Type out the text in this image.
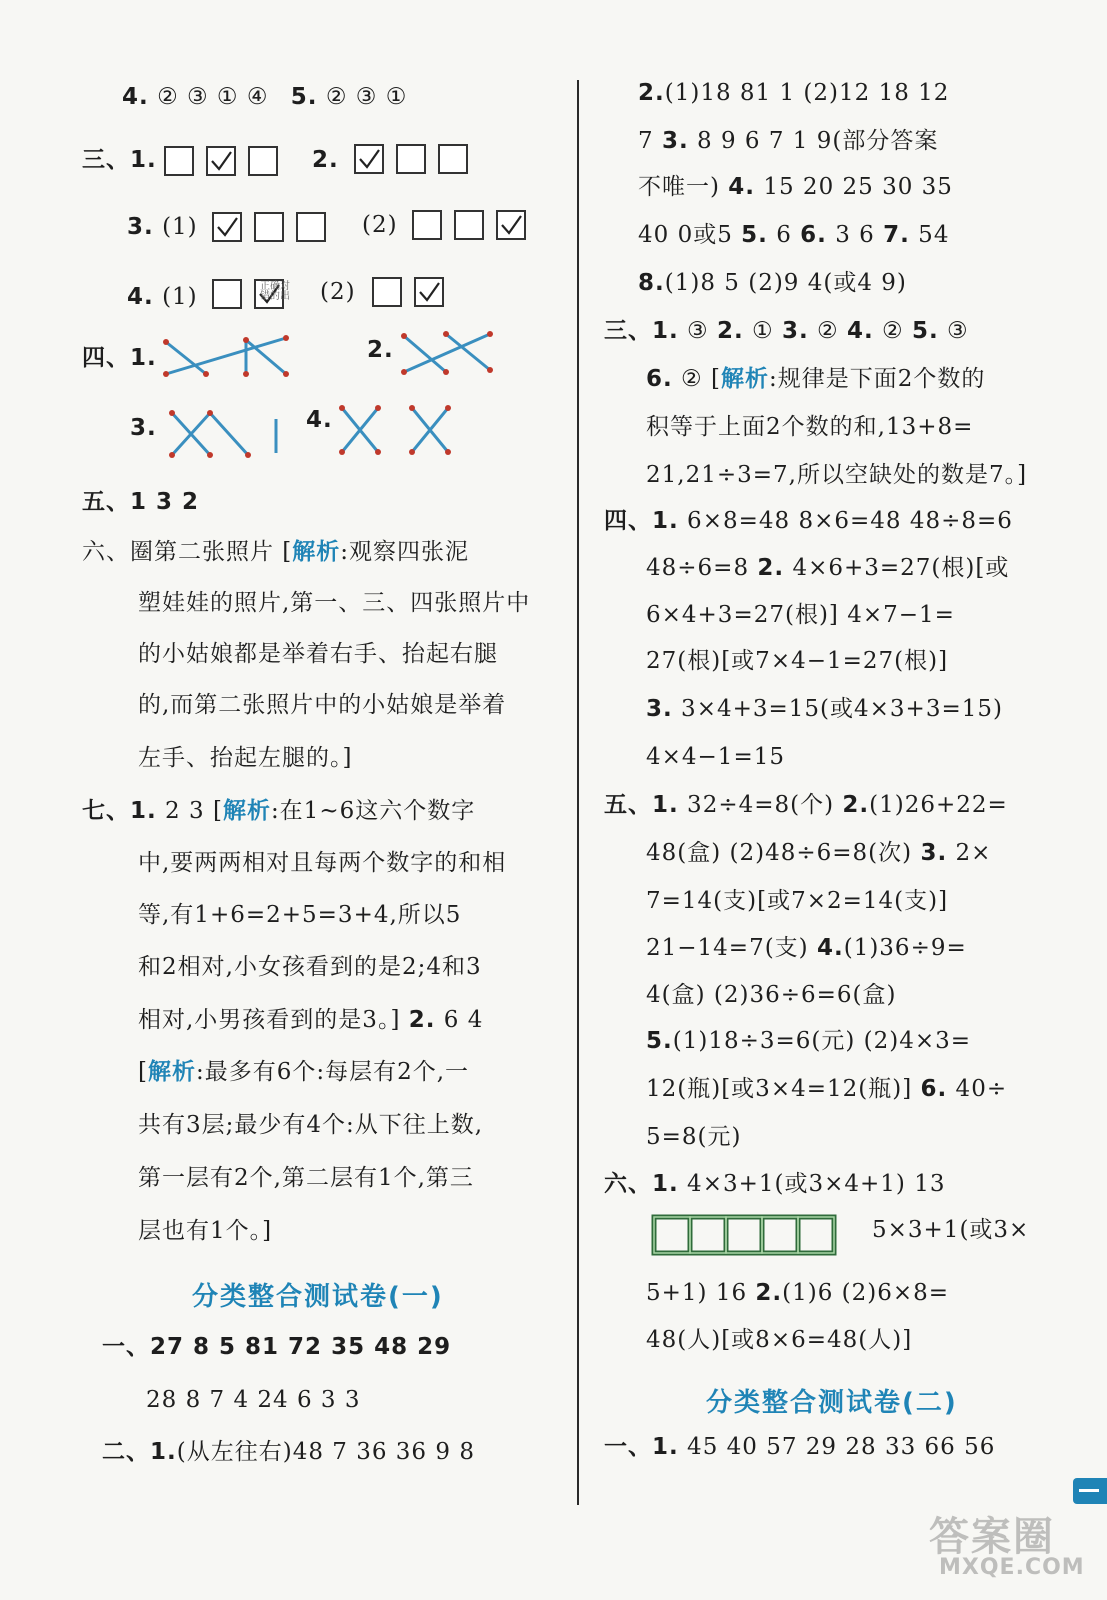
4. ② ③ ① ④ 5. ② ③ ①
三、1.	2.
3. (1)	(2)
4. (1)	正确对
错的出 (2)
四、1.	2.
3.	4.
五、1 3 2
六、圈第二张照片 [解析:观察四张泥
塑娃娃的照片,第一、三、四张照片中
的小姑娘都是举着右手、抬起右腿
的,而第二张照片中的小姑娘是举着
左手、抬起左腿的。]
七、1. 2 3 [解析:在1~6这六个数字
中,要两两相对且每两个数字的和相
等,有1+6=2+5=3+4,所以5
和2相对,小女孩看到的是2;4和3
相对,小男孩看到的是3。] 2. 6 4
[解析:最多有6个:每层有2个,一
共有3层;最少有4个:从下往上数,
第一层有2个,第二层有1个,第三
层也有1个。]
分类整合测试卷(一)
一、27 8 5 81 72 35 48 29
28 8 7 4 24 6 3 3
二、1.(从左往右)48 7 36 36 9 8
2.(1)18 81 1 (2)12 18 12
7 3. 8 9 6 7 1 9(部分答案
不唯一) 4. 15 20 25 30 35
40 0或5 5. 6 6. 3 6 7. 54
8.(1)8 5 (2)9 4(或4 9)
三、1. ③ 2. ① 3. ② 4. ② 5. ③
6. ② [解析:规律是下面2个数的
积等于上面2个数的和,13+8=
21,21÷3=7,所以空缺处的数是7。]
四、1. 6×8=48 8×6=48 48÷8=6
48÷6=8 2. 4×6+3=27(根)[或
6×4+3=27(根)] 4×7−1=
27(根)[或7×4−1=27(根)]
3. 3×4+3=15(或4×3+3=15)
4×4−1=15
五、1. 32÷4=8(个) 2.(1)26+22=
48(盒) (2)48÷6=8(次) 3. 2×
7=14(支)[或7×2=14(支)]
21−14=7(支) 4.(1)36÷9=
4(盒) (2)36÷6=6(盒)
5.(1)18÷3=6(元) (2)4×3=
12(瓶)[或3×4=12(瓶)] 6. 40÷
5=8(元)
六、1. 4×3+1(或3×4+1) 13
5×3+1(或3×
5+1) 16 2.(1)6 (2)6×8=
48(人)[或8×6=48(人)]
分类整合测试卷(二)
一、1. 45 40 57 29 28 33 66 56
答案圈
MXQE.COM
